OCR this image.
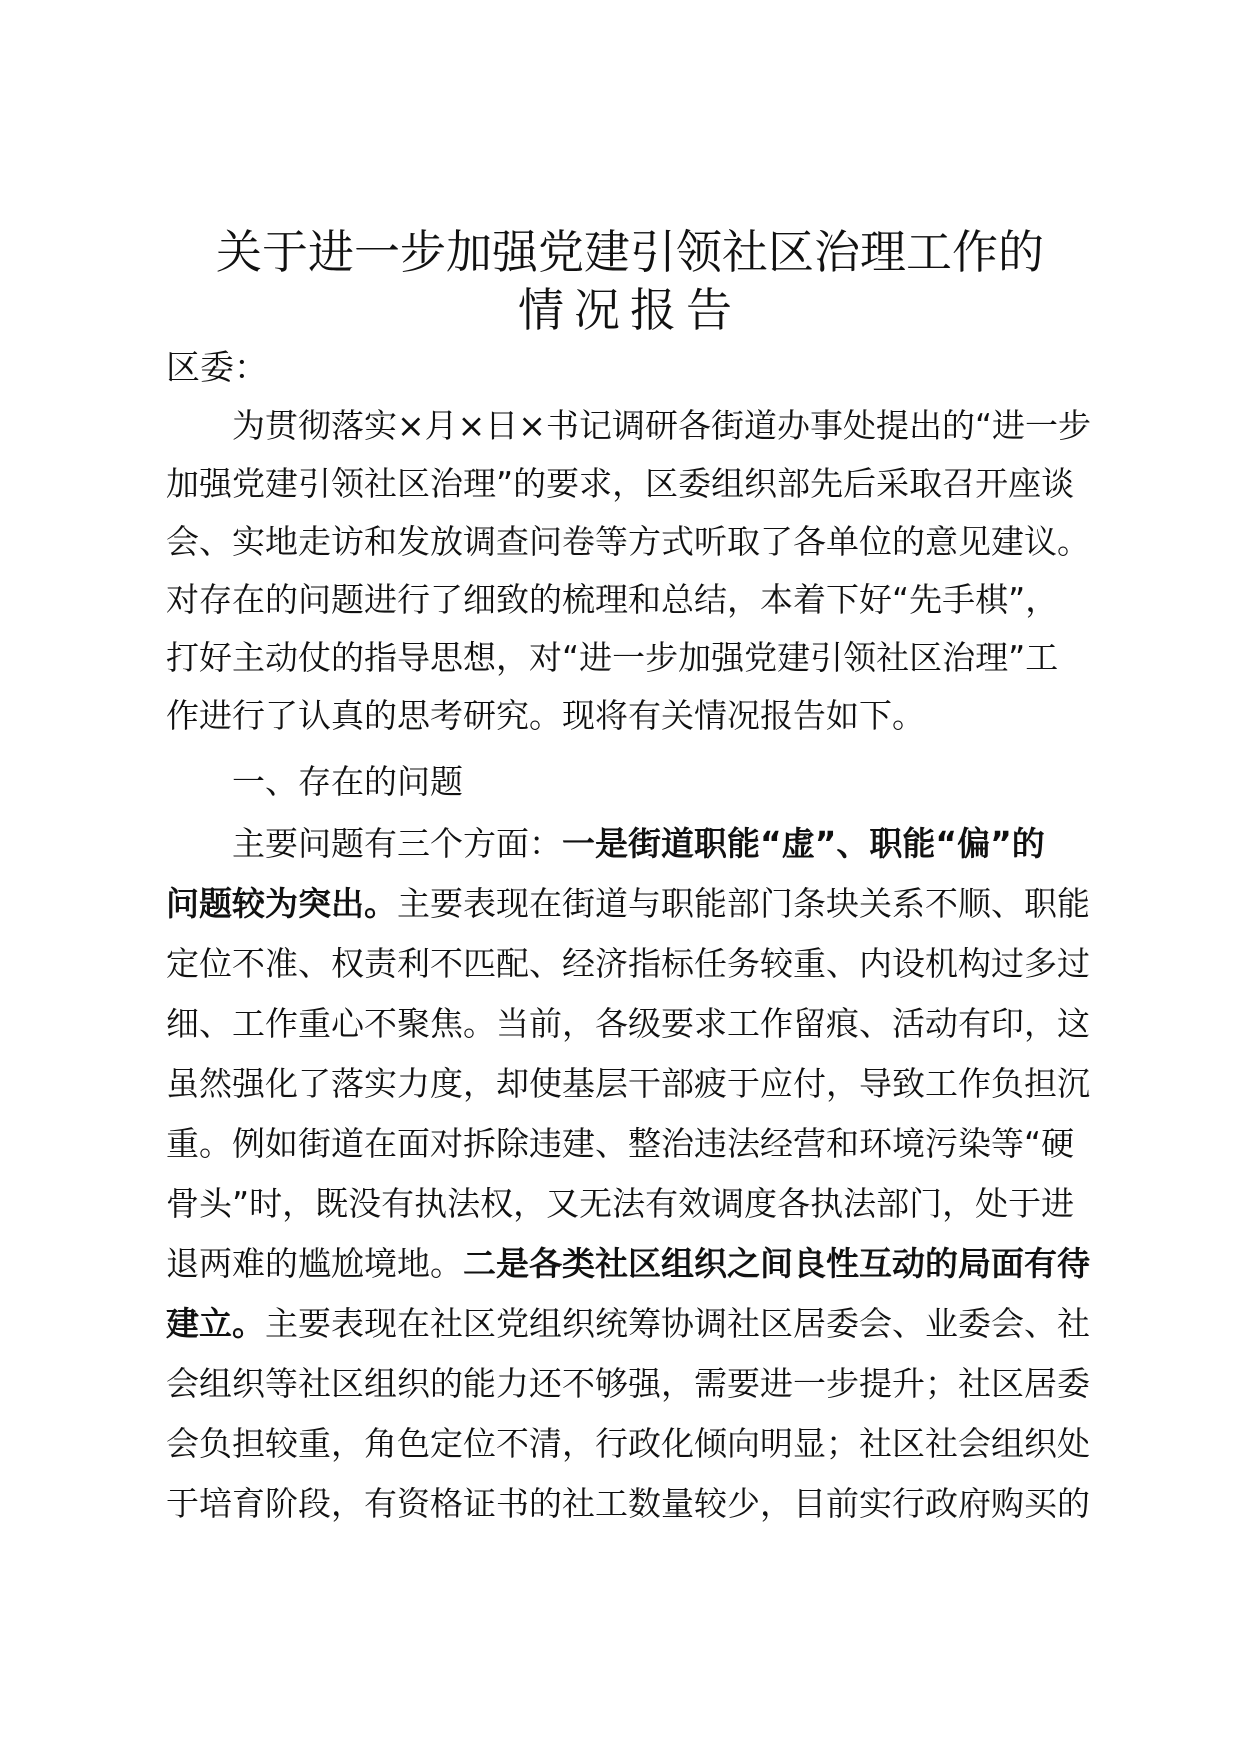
关于进一步加强党建引领社区治理工作的
情况报告
区委：
为贯彻落实×月×日×书记调研各街道办事处提出的“进一步
加强党建引领社区治理”的要求，区委组织部先后采取召开座谈
会、实地走访和发放调查问卷等方式听取了各单位的意见建议。
对存在的问题进行了细致的梳理和总结，本着下好“先手棋”，
打好主动仗的指导思想，对“进一步加强党建引领社区治理”工
作进行了认真的思考研究。现将有关情况报告如下。
一、存在的问题
主要问题有三个方面：一是街道职能“虚”、职能“偏”的
问题较为突出。主要表现在街道与职能部门条块关系不顺、职能
定位不准、权责利不匹配、经济指标任务较重、内设机构过多过
细、工作重心不聚焦。当前，各级要求工作留痕、活动有印，这
虽然强化了落实力度，却使基层干部疲于应付，导致工作负担沉
重。例如街道在面对拆除违建、整治违法经营和环境污染等“硬
骨头”时，既没有执法权，又无法有效调度各执法部门，处于进
退两难的尴尬境地。二是各类社区组织之间良性互动的局面有待
建立。主要表现在社区党组织统筹协调社区居委会、业委会、社
会组织等社区组织的能力还不够强，需要进一步提升；社区居委
会负担较重，角色定位不清，行政化倾向明显；社区社会组织处
于培育阶段，有资格证书的社工数量较少，目前实行政府购买的
